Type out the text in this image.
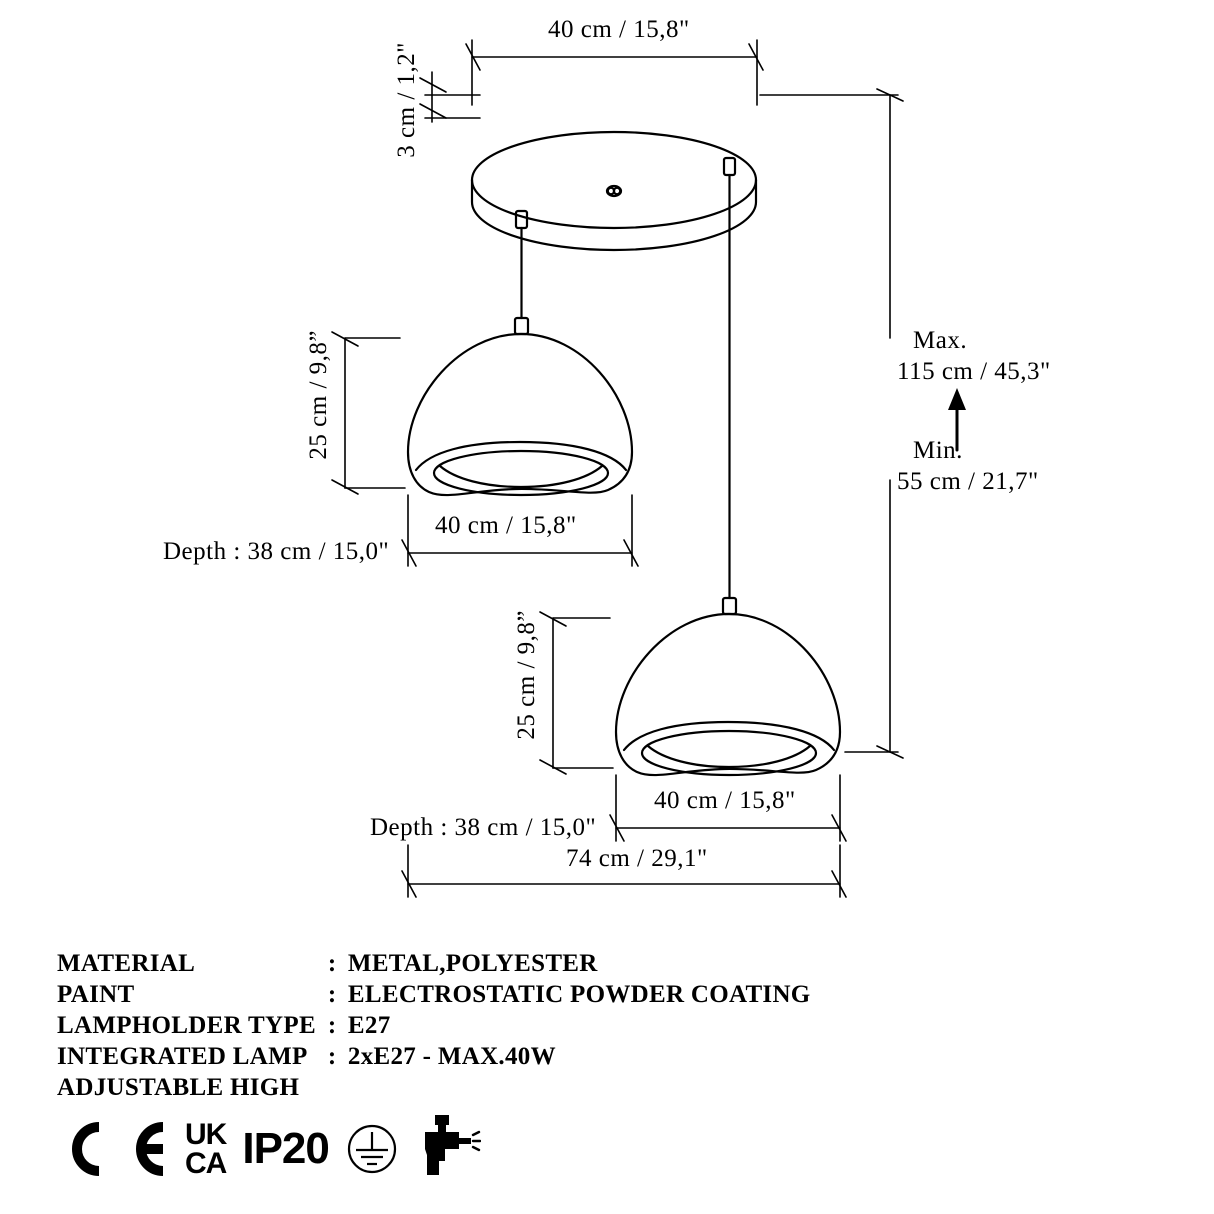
40 cm / 15,8"
3 cm / 1,2"
25 cm / 9,8”
40 cm / 15,8"
Depth : 38 cm / 15,0"
25 cm / 9,8”
40 cm / 15,8"
Depth : 38 cm / 15,0"
74 cm / 29,1"
Max.
115 cm / 45,3"
Min.
55 cm / 21,7"
MATERIAL	:	METAL,POLYESTER
PAINT	:	ELECTROSTATIC POWDER COATING
LAMPHOLDER TYPE	:	E27
INTEGRATED LAMP	:	2xE27 - MAX.40W
ADJUSTABLE HIGH		
UK
CA IP20
